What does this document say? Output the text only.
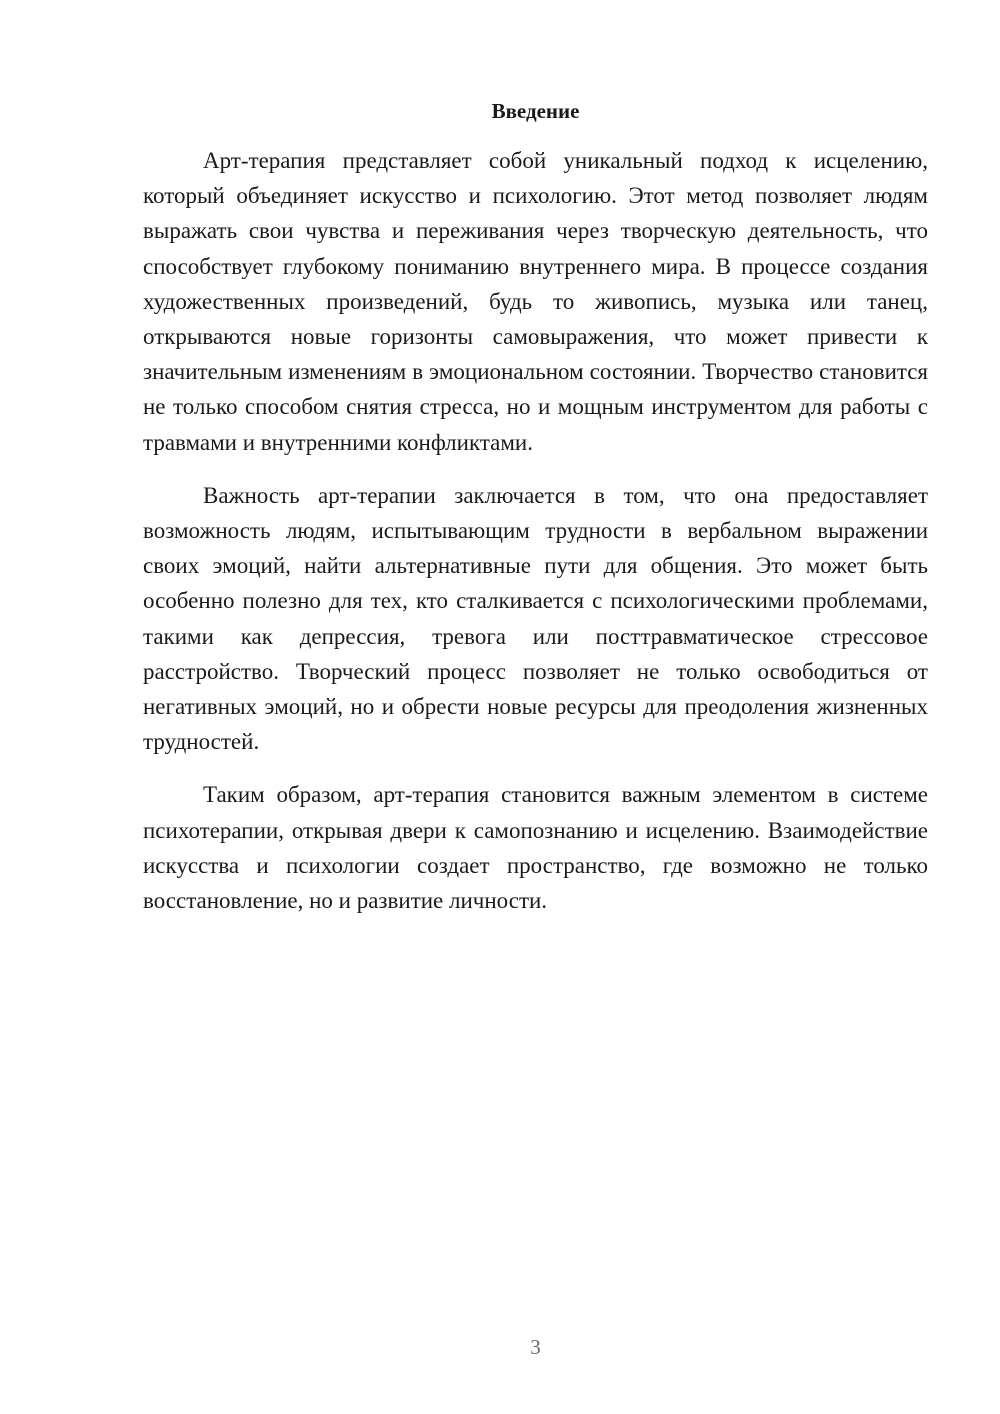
Введение

Арт-терапия представляет собой уникальный подход к исцелению, который объединяет искусство и психологию. Этот метод позволяет людям выражать свои чувства и переживания через творческую деятельность, что способствует глубокому пониманию внутреннего мира. В процессе создания художественных произведений, будь то живопись, музыка или танец, открываются новые горизонты самовыражения, что может привести к значительным изменениям в эмоциональном состоянии. Творчество становится не только способом снятия стресса, но и мощным инструментом для работы с травмами и внутренними конфликтами.

Важность арт-терапии заключается в том, что она предоставляет возможность людям, испытывающим трудности в вербальном выражении своих эмоций, найти альтернативные пути для общения. Это может быть особенно полезно для тех, кто сталкивается с психологическими проблемами, такими как депрессия, тревога или посттравматическое стрессовое расстройство. Творческий процесс позволяет не только освободиться от негативных эмоций, но и обрести новые ресурсы для преодоления жизненных трудностей.

Таким образом, арт-терапия становится важным элементом в системе психотерапии, открывая двери к самопознанию и исцелению. Взаимодействие искусства и психологии создает пространство, где возможно не только восстановление, но и развитие личности.

3
